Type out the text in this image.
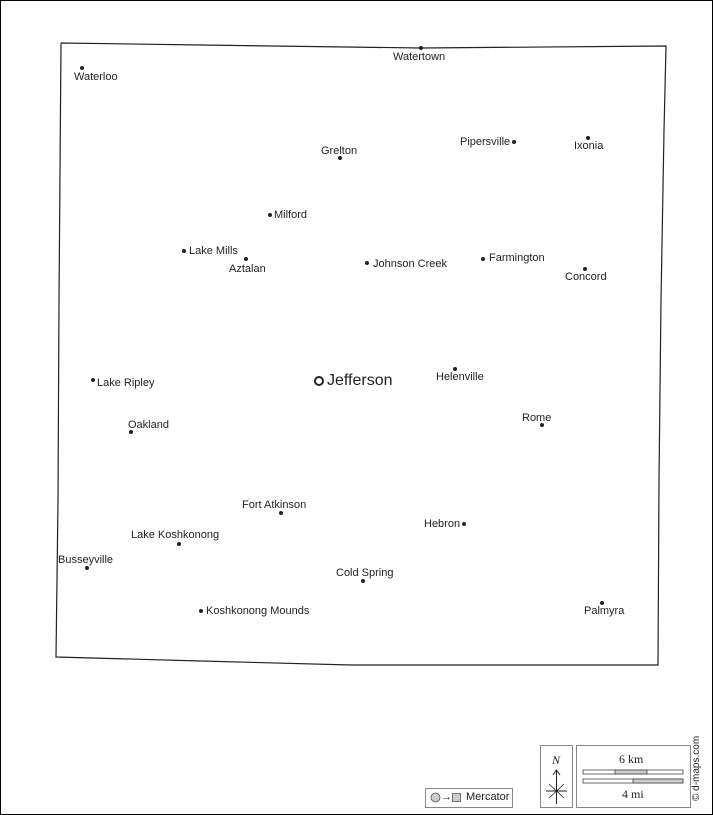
Waterloo
Watertown
Grelton
Pipersville	Ixonia
Milford
Lake Mills
Aztalan	Johnson Creek	Farmington
Concord
Lake Ripley	Helenville
Oakland
Rome
Fort Atkinson
Hebron
Lake Koshkonong
Busseyville
Cold Spring
Koshkonong Mounds	Palmyra
Jefferson
N	6 km
4 mi
→ Mercator	© d-maps.com
